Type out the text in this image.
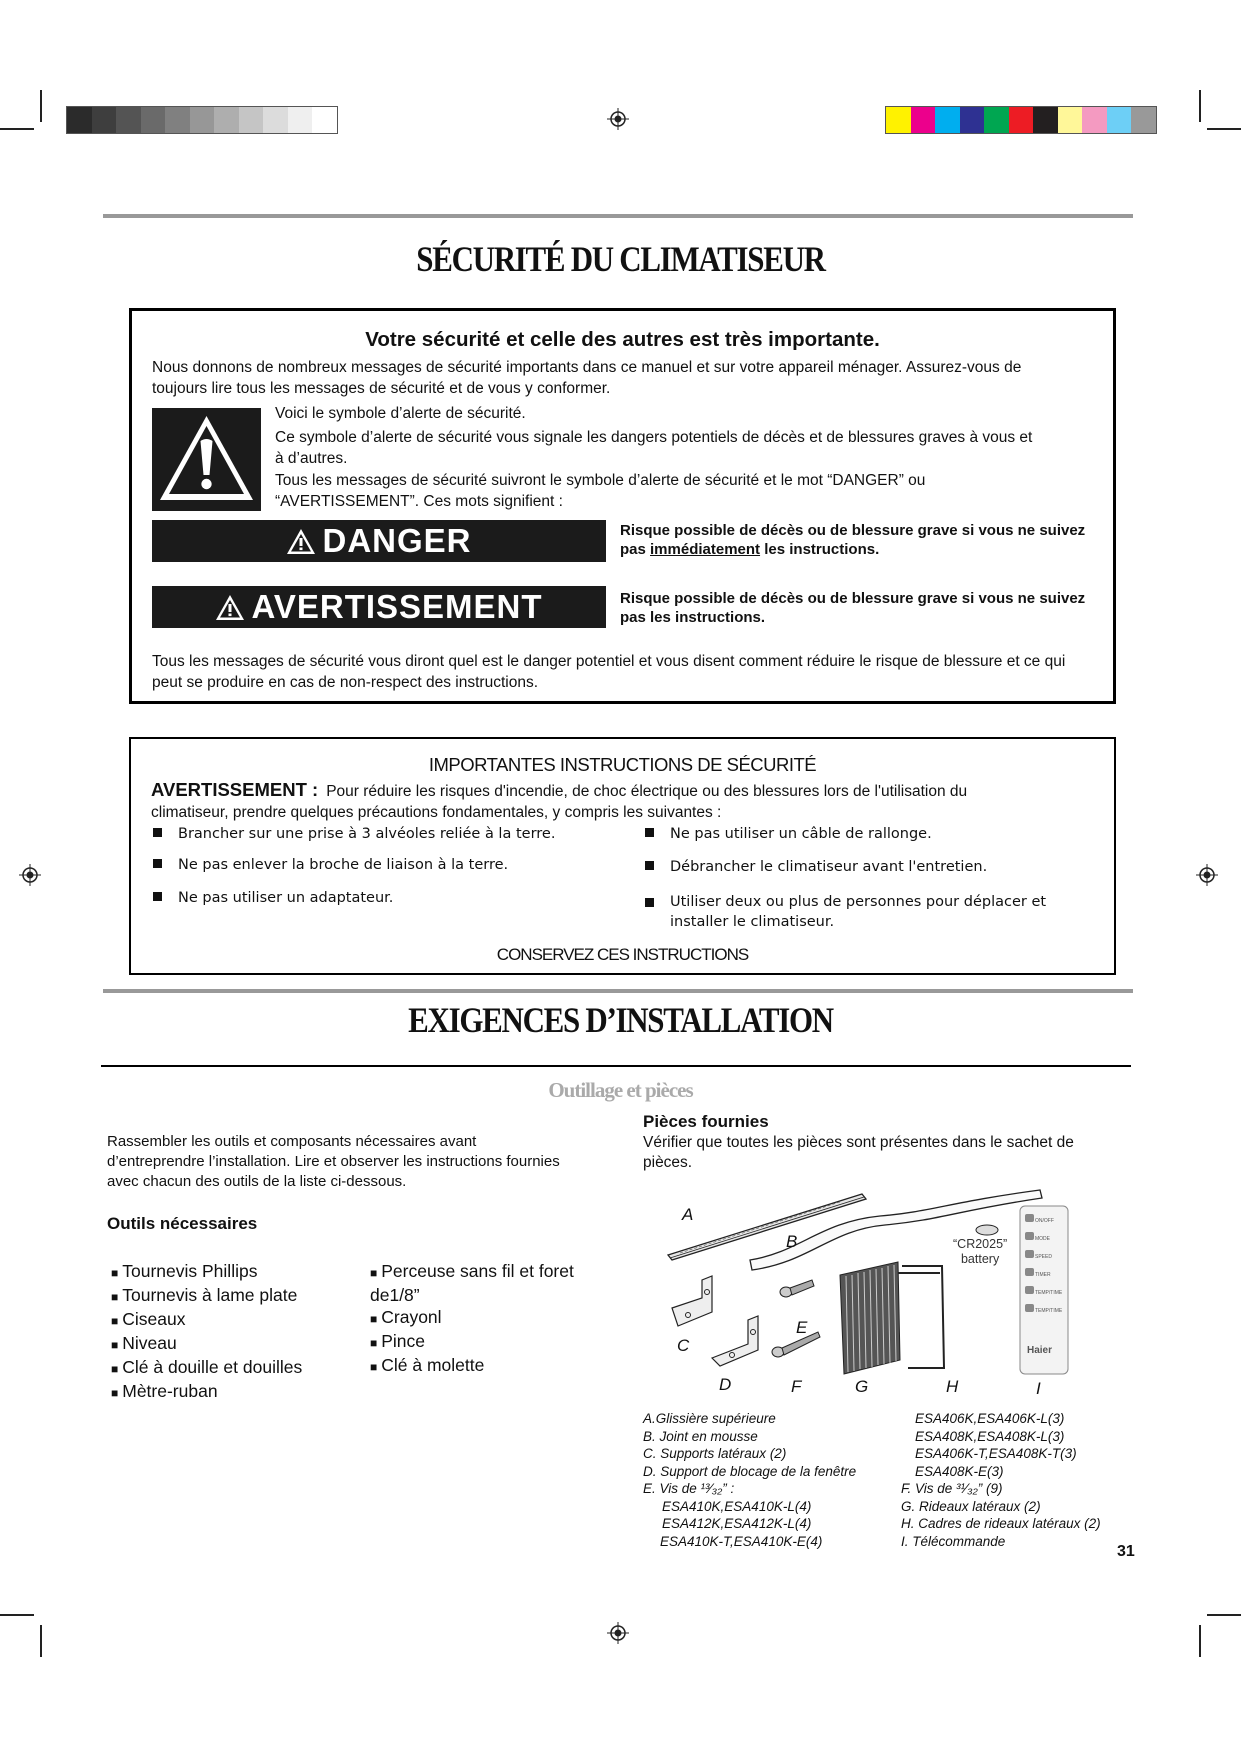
SÉCURITÉ DU CLIMATISEUR
Votre sécurité et celle des autres est très importante.
Nous donnons de nombreux messages de sécurité importants dans ce manuel et sur votre appareil ménager. Assurez-vous de toujours lire tous les messages de sécurité et de vous y conformer.
Voici le symbole d’alerte de sécurité.
Ce symbole d’alerte de sécurité vous signale les dangers potentiels de décès et de blessures graves à vous et à d’autres.
Tous les messages de sécurité suivront le symbole d’alerte de sécurité et le mot “DANGER” ou “AVERTISSEMENT”. Ces mots signifient :
DANGER	Risque possible de décès ou de blessure grave si vous ne suivez pas immédiatement les instructions.
AVERTISSEMENT	Risque possible de décès ou de blessure grave si vous ne suivez pas les instructions.
Tous les messages de sécurité vous diront quel est le danger potentiel et vous disent comment réduire le risque de blessure et ce qui peut se produire en cas de non-respect des instructions.
IMPORTANTES INSTRUCTIONS DE SÉCURITÉ
AVERTISSEMENT : Pour réduire les risques d'incendie, de choc électrique ou des blessures lors de l'utilisation du
climatiseur, prendre quelques précautions fondamentales, y compris les suivantes :
Brancher sur une prise à 3 alvéoles reliée à la terre.
Ne pas enlever la broche de liaison à la terre.
Ne pas utiliser un adaptateur.
Ne pas utiliser un câble de rallonge.
Débrancher le climatiseur avant l'entretien.
Utiliser deux ou plus de personnes pour déplacer et installer le climatiseur.
CONSERVEZ CES INSTRUCTIONS
EXIGENCES D’INSTALLATION
Outillage et pièces
Rassembler les outils et composants nécessaires avant d’entreprendre l’installation. Lire et observer les instructions fournies avec chacun des outils de la liste ci-dessous.
Outils nécessaires
■ Tournevis Phillips
■ Tournevis à lame plate
■ Ciseaux
■ Niveau
■ Clé à douille et douilles
■ Mètre-ruban
■ Perceuse sans fil et foret
de1/8”
■ Crayonl
■ Pince
■ Clé à molette
Pièces fournies
Vérifier que toutes les pièces sont présentes dans le sachet de pièces.
“CR2025”
battery
ON/OFF
MODE
SPEED
TIMER
TEMP/TIME
TEMP/TIME
Haier
A
B
C
D
E
F	G	H	I
A.Glissière supérieure
B. Joint en mousse
C. Supports latéraux (2)
D. Support de blocage de la fenêtre
E. Vis de ¹³⁄₃₂” :
ESA410K,ESA410K-L(4)
ESA412K,ESA412K-L(4)
ESA410K-T,ESA410K-E(4)
ESA406K,ESA406K-L(3)
ESA408K,ESA408K-L(3)
ESA406K-T,ESA408K-T(3)
ESA408K-E(3)
F. Vis de ³¹⁄₃₂” (9)
G. Rideaux latéraux (2)
H. Cadres de rideaux latéraux (2)
I. Télécommande
31
